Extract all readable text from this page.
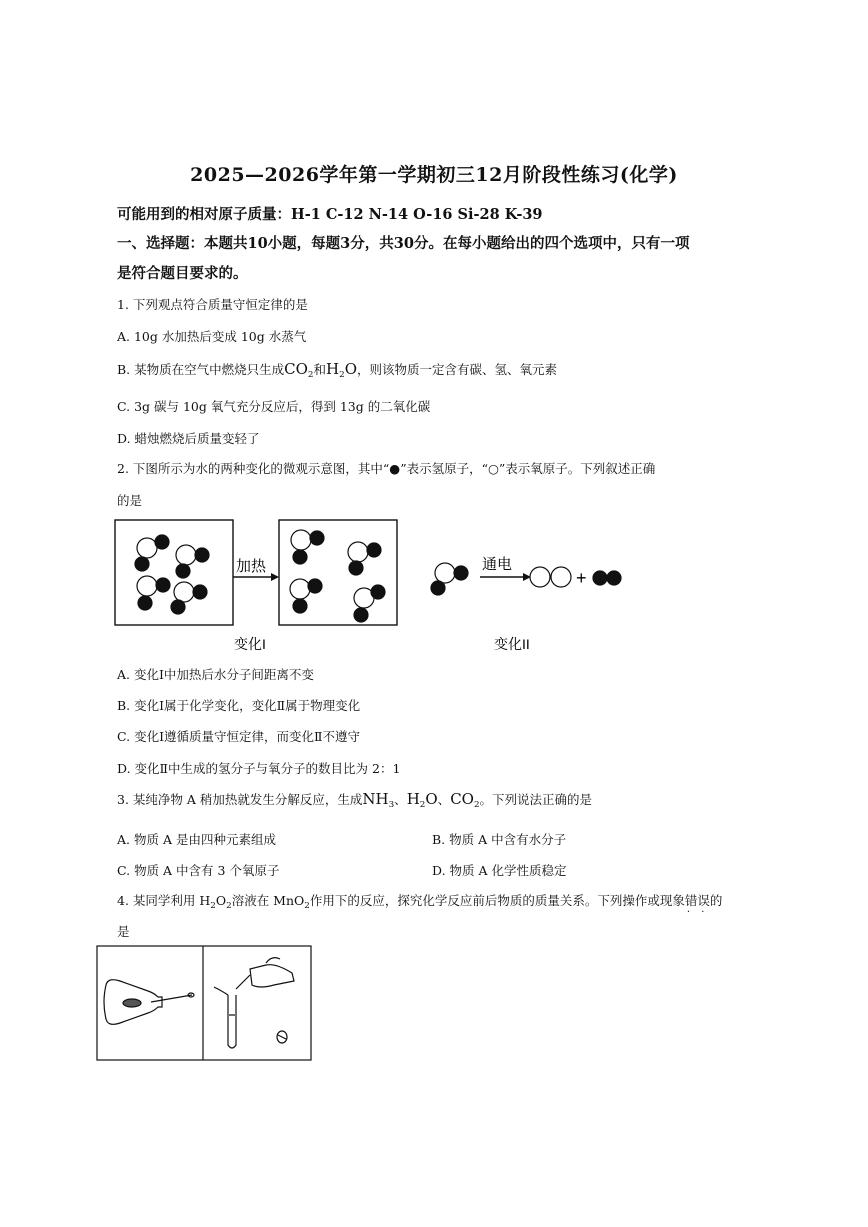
2025—2026学年第一学期初三12月阶段性练习(化学)
可能用到的相对原子质量：H-1 C-12 N-14 O-16 Si-28 K-39
一、选择题：本题共10小题，每题3分，共30分。在每小题给出的四个选项中，只有一项
是符合题目要求的。
1. 下列观点符合质量守恒定律的是
A. 10g 水加热后变成 10g 水蒸气
B. 某物质在空气中燃烧只生成$CO_2$和$H_2O$，则该物质一定含有碳、氢、氧元素
C. 3g 碳与 10g 氧气充分反应后，得到 13g 的二氧化碳
D. 蜡烛燃烧后质量变轻了
2. 下图所示为水的两种变化的微观示意图，其中“●”表示氢原子，“○”表示氧原子。下列叙述正确
的是
加热	通电
+
变化I	变化II
A. 变化Ⅰ中加热后水分子间距离不变
B. 变化Ⅰ属于化学变化，变化Ⅱ属于物理变化
C. 变化Ⅰ遵循质量守恒定律，而变化Ⅱ不遵守
D. 变化Ⅱ中生成的氢分子与氧分子的数目比为 2：1
3. 某纯净物 A 稍加热就发生分解反应，生成$NH_3$、$H_2O$、$CO_2$。下列说法正确的是
A. 物质 A 是由四种元素组成	B. 物质 A 中含有水分子
C. 物质 A 中含有 3 个氧原子	D. 物质 A 化学性质稳定
4. 某同学利用 $H_2O_2$溶液在 MnO$_2$作用下的反应，探究化学反应前后物质的质量关系。下列操作或现象错误 · ·的
是
